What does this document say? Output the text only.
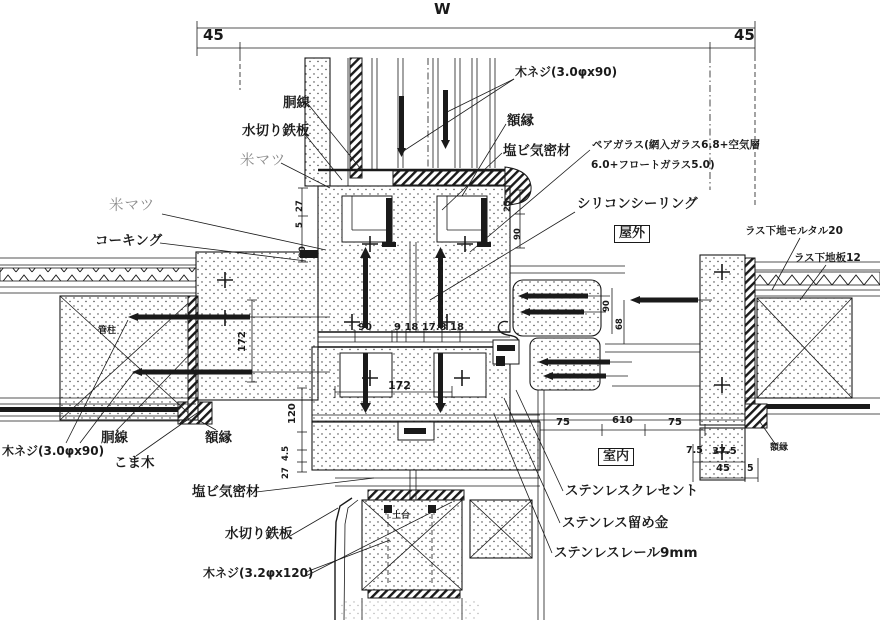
W
45	45
木ネジ(3.0φx90)
胴線
額縁
水切り鉄板
塩ビ気密材
米マツ
ペアガラス(網入ガラス6.8+空気層
6.0+フロートガラス5.0)
米マツ	シリコンシーリング
コーキング	屋外	ラス下地モルタル20
ラス下地板12
管柱
木ネジ(3.0φx90)
胴線	額縁
こま木
塩ビ気密材
水切り鉄板
木ネジ(3.2φx120)
室内
ステンレスクレセント
ステンレス留め金
ステンレスレール9mm
額縁
土台
90 9 18 17.8 18
172
75	610	75
7.5 37.5
45 5
27
5
90
25
90
172
120
4.5
27
90
68
